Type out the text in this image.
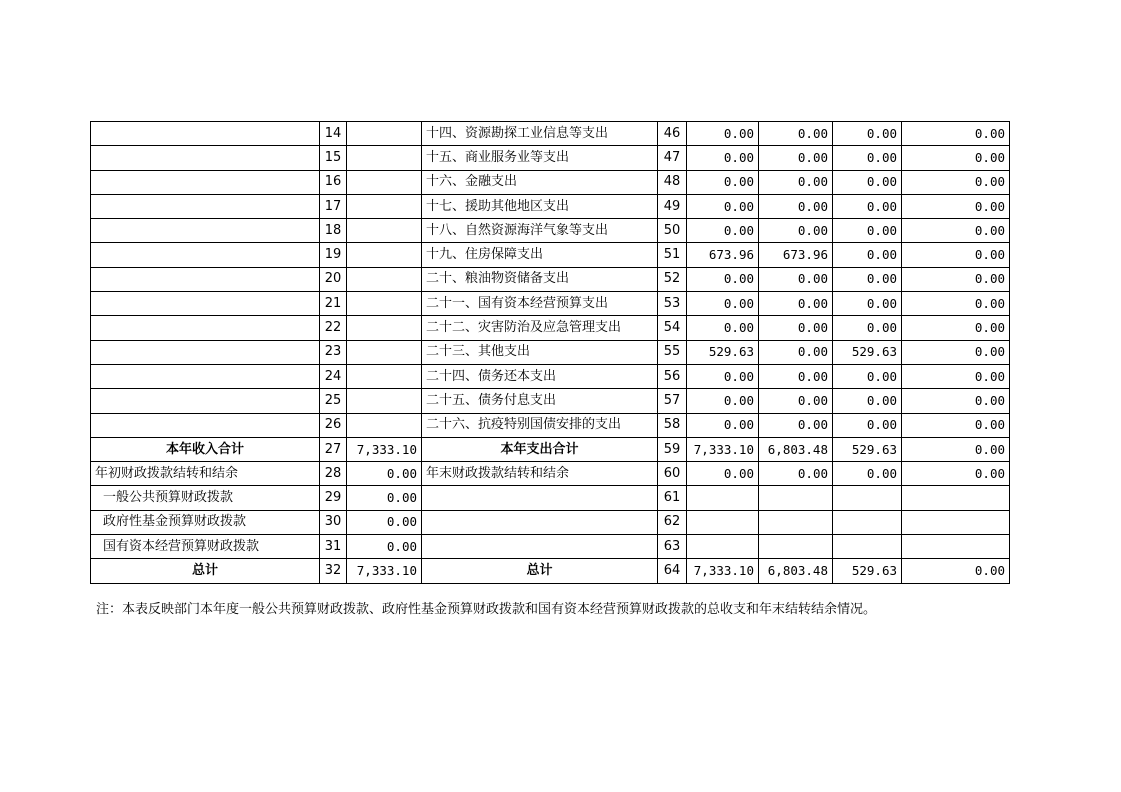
	14		十四、资源勘探工业信息等支出	46	0.00	0.00	0.00	0.00
	15		十五、商业服务业等支出	47	0.00	0.00	0.00	0.00
	16		十六、金融支出	48	0.00	0.00	0.00	0.00
	17		十七、援助其他地区支出	49	0.00	0.00	0.00	0.00
	18		十八、自然资源海洋气象等支出	50	0.00	0.00	0.00	0.00
	19		十九、住房保障支出	51	673.96	673.96	0.00	0.00
	20		二十、粮油物资储备支出	52	0.00	0.00	0.00	0.00
	21		二十一、国有资本经营预算支出	53	0.00	0.00	0.00	0.00
	22		二十二、灾害防治及应急管理支出	54	0.00	0.00	0.00	0.00
	23		二十三、其他支出	55	529.63	0.00	529.63	0.00
	24		二十四、债务还本支出	56	0.00	0.00	0.00	0.00
	25		二十五、债务付息支出	57	0.00	0.00	0.00	0.00
	26		二十六、抗疫特别国债安排的支出	58	0.00	0.00	0.00	0.00
本年收入合计	27	7,333.10	本年支出合计	59	7,333.10	6,803.48	529.63	0.00
年初财政拨款结转和结余	28	0.00	年末财政拨款结转和结余	60	0.00	0.00	0.00	0.00
一般公共预算财政拨款	29	0.00		61				
政府性基金预算财政拨款	30	0.00		62				
国有资本经营预算财政拨款	31	0.00		63				
总计	32	7,333.10	总计	64	7,333.10	6,803.48	529.63	0.00
注：本表反映部门本年度一般公共预算财政拨款、政府性基金预算财政拨款和国有资本经营预算财政拨款的总收支和年末结转结余情况。
